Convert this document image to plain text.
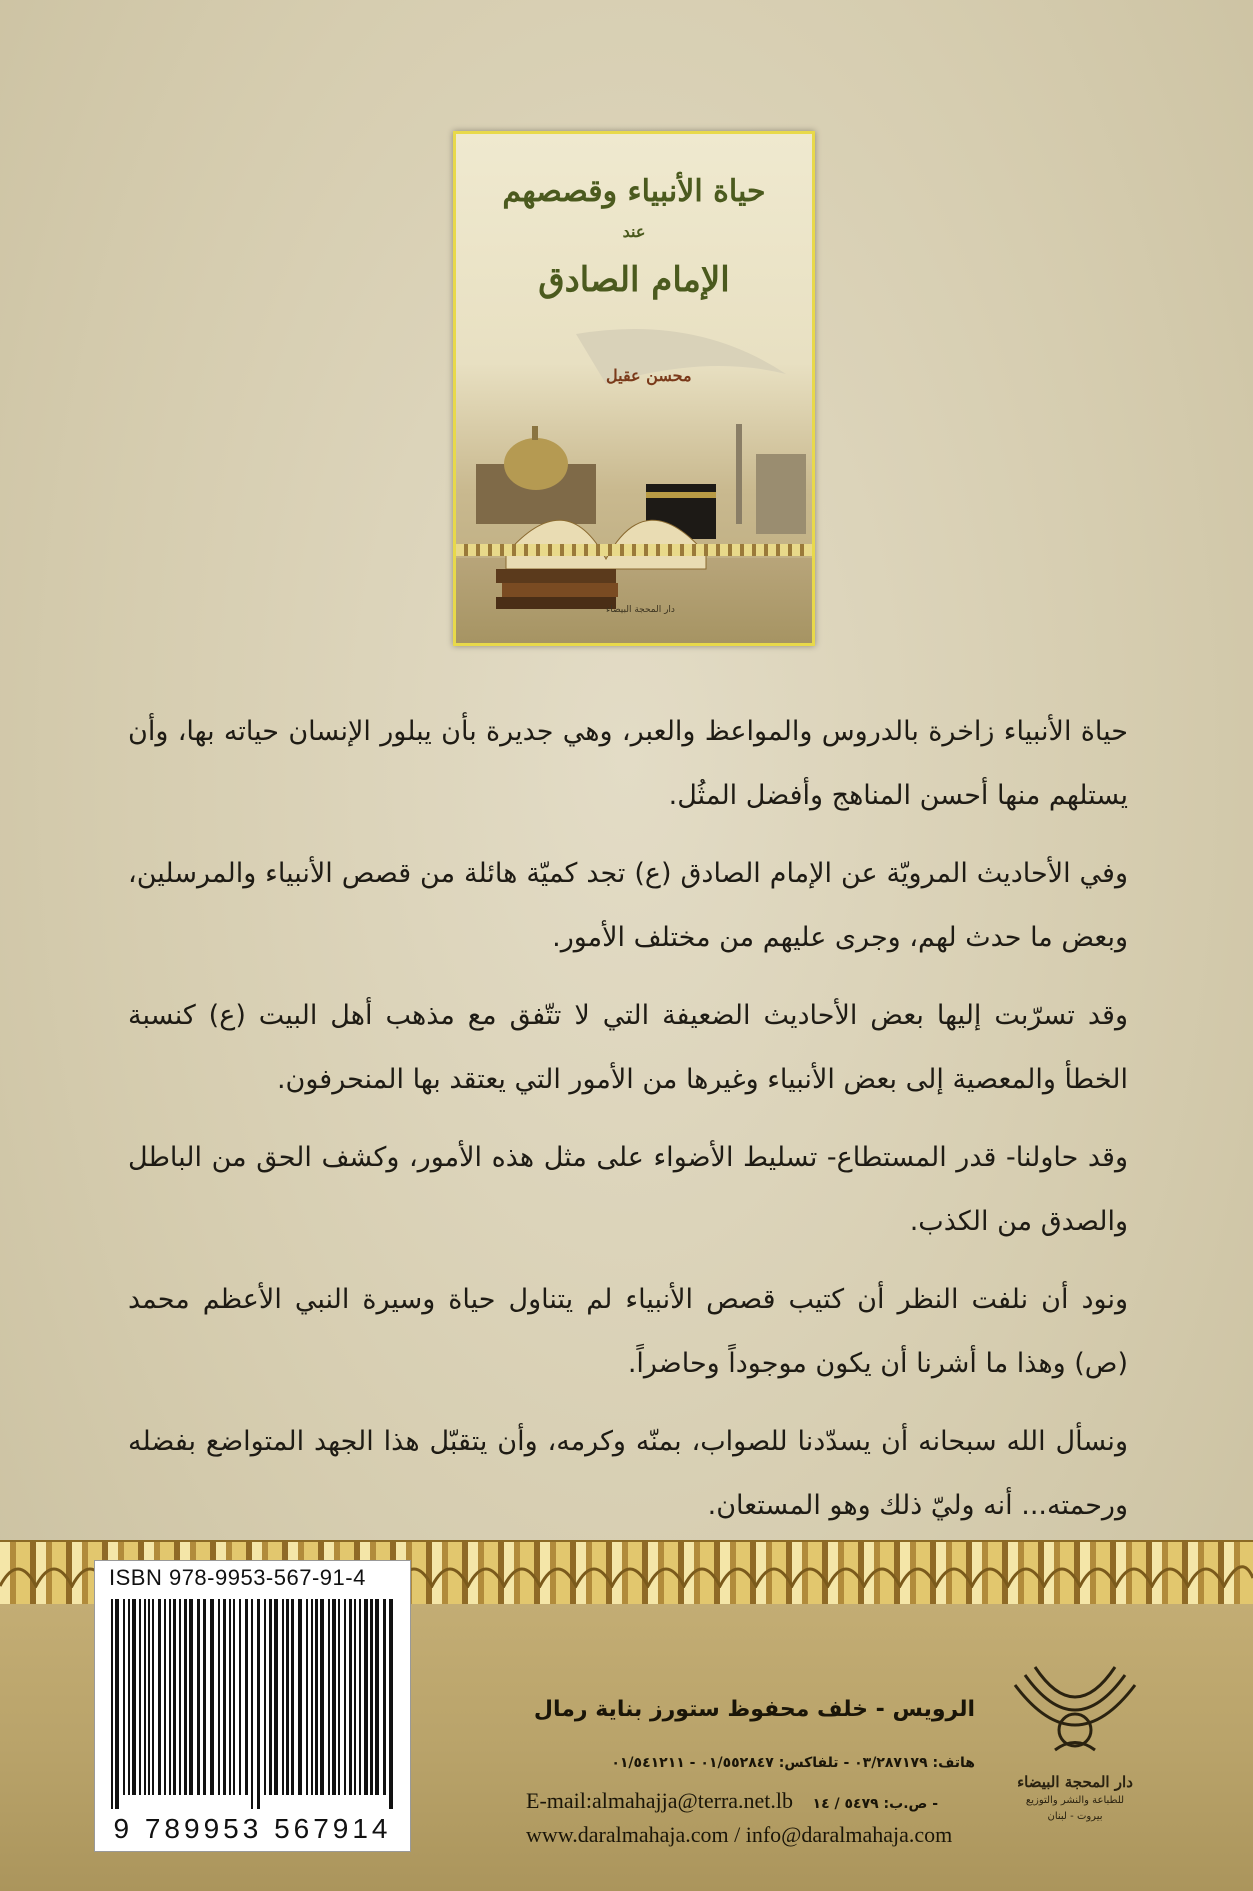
حياة الأنبياء وقصصهم
عند
الإمام الصادق
محسن عقيل
دار المحجة البيضاء

حياة الأنبياء زاخرة بالدروس والمواعظ والعبر، وهي جديرة بأن يبلور الإنسان حياته بها، وأن يستلهم منها أحسن المناهج وأفضل المثُل.

وفي الأحاديث المرويّة عن الإمام الصادق (ع) تجد كميّة هائلة من قصص الأنبياء والمرسلين، وبعض ما حدث لهم، وجرى عليهم من مختلف الأمور.

وقد تسرّبت إليها بعض الأحاديث الضعيفة التي لا تتّفق مع مذهب أهل البيت (ع) كنسبة الخطأ والمعصية إلى بعض الأنبياء وغيرها من الأمور التي يعتقد بها المنحرفون.

وقد حاولنا- قدر المستطاع- تسليط الأضواء على مثل هذه الأمور، وكشف الحق من الباطل والصدق من الكذب.

ونود أن نلفت النظر أن كتيب قصص الأنبياء لم يتناول حياة وسيرة النبي الأعظم محمد (ص) وهذا ما أشرنا أن يكون موجوداً وحاضراً.

ونسأل الله سبحانه أن يسدّدنا للصواب، بمنّه وكرمه، وأن يتقبّل هذا الجهد المتواضع بفضله ورحمته... أنه وليّ ذلك وهو المستعان.

ISBN 978-9953-567-91-4
9 789953 567914
الرويس - خلف محفوظ ستورز بناية رمال
هاتف: ٠٣/٢٨٧١٧٩ - تلفاكس: ٠١/٥٥٢٨٤٧ - ٠١/٥٤١٢١١
E-mail:almahajja@terra.net.lb ص.ب: ٥٤٧٩ / ١٤ -
www.daralmahaja.com / info@daralmahaja.com
دار المحجة البيضاء
للطباعة والنشر والتوزيع
بيروت - لبنان
